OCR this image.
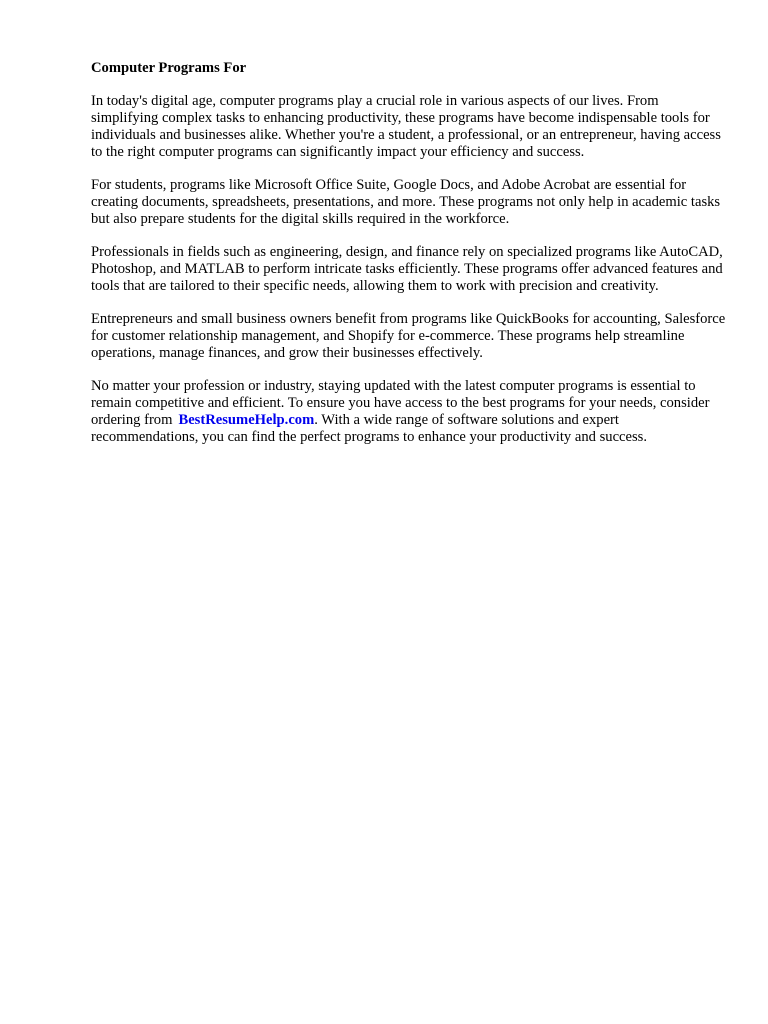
Computer Programs For

In today's digital age, computer programs play a crucial role in various aspects of our lives. From simplifying complex tasks to enhancing productivity, these programs have become indispensable tools for individuals and businesses alike. Whether you're a student, a professional, or an entrepreneur, having access to the right computer programs can significantly impact your efficiency and success.

For students, programs like Microsoft Office Suite, Google Docs, and Adobe Acrobat are essential for creating documents, spreadsheets, presentations, and more. These programs not only help in academic tasks but also prepare students for the digital skills required in the workforce.

Professionals in fields such as engineering, design, and finance rely on specialized programs like AutoCAD, Photoshop, and MATLAB to perform intricate tasks efficiently. These programs offer advanced features and tools that are tailored to their specific needs, allowing them to work with precision and creativity.

Entrepreneurs and small business owners benefit from programs like QuickBooks for accounting, Salesforce for customer relationship management, and Shopify for e-commerce. These programs help streamline operations, manage finances, and grow their businesses effectively.

No matter your profession or industry, staying updated with the latest computer programs is essential to remain competitive and efficient. To ensure you have access to the best programs for your needs, consider ordering from BestResumeHelp.com. With a wide range of software solutions and expert recommendations, you can find the perfect programs to enhance your productivity and success.
